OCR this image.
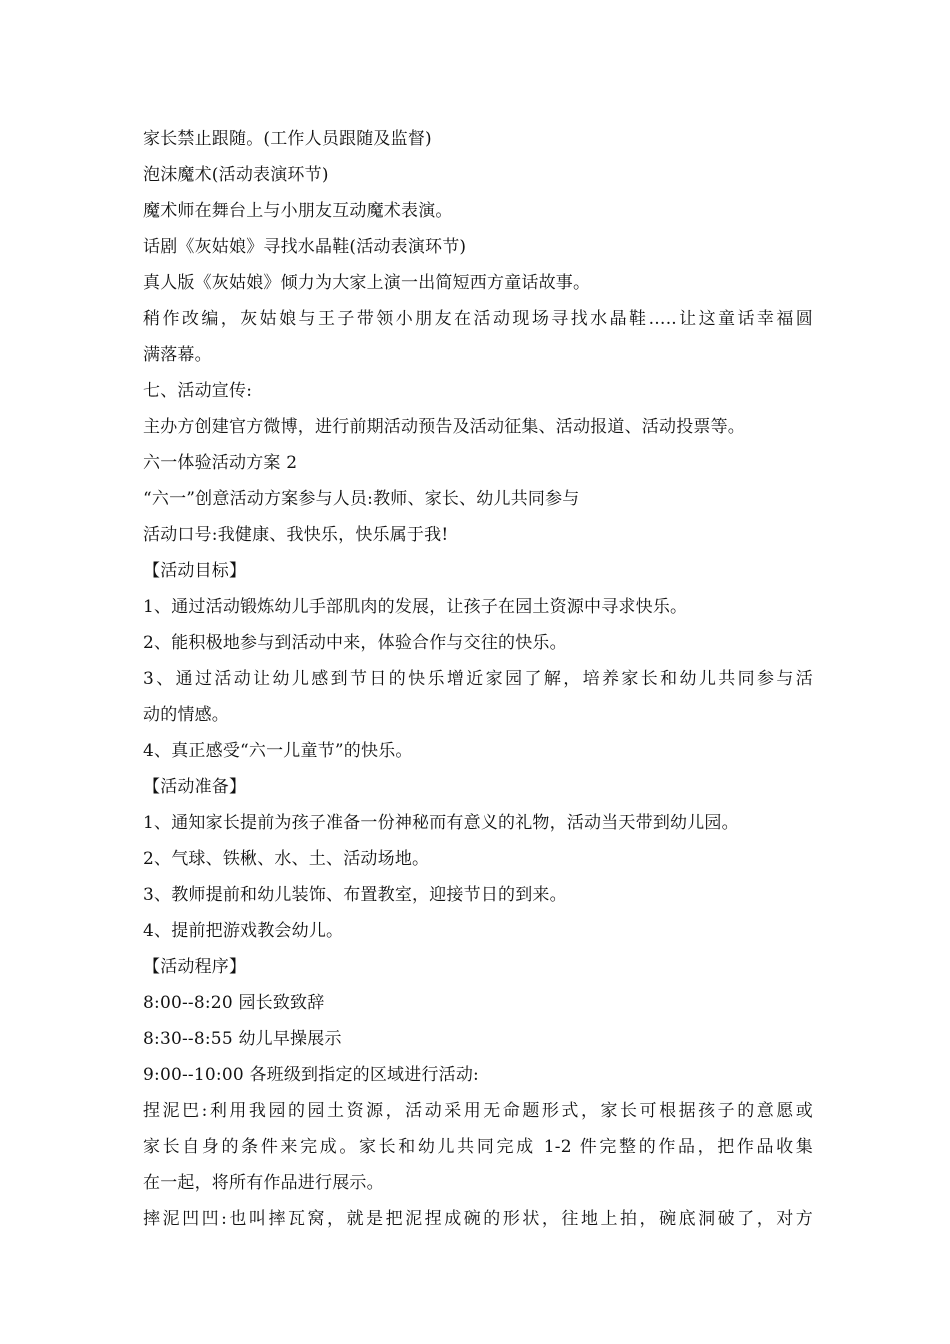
家长禁止跟随。(工作人员跟随及监督)
泡沫魔术(活动表演环节)
魔术师在舞台上与小朋友互动魔术表演。
话剧《灰姑娘》寻找水晶鞋(活动表演环节)
真人版《灰姑娘》倾力为大家上演一出简短西方童话故事。
稍作改编，灰姑娘与王子带领小朋友在活动现场寻找水晶鞋…..让这童话幸福圆
满落幕。
七、活动宣传:
主办方创建官方微博，进行前期活动预告及活动征集、活动报道、活动投票等。
六一体验活动方案 2
“六一”创意活动方案参与人员:教师、家长、幼儿共同参与
活动口号:我健康、我快乐，快乐属于我!
【活动目标】
1、通过活动锻炼幼儿手部肌肉的发展，让孩子在园土资源中寻求快乐。
2、能积极地参与到活动中来，体验合作与交往的快乐。
3、通过活动让幼儿感到节日的快乐增近家园了解，培养家长和幼儿共同参与活
动的情感。
4、真正感受“六一儿童节”的快乐。
【活动准备】
1、通知家长提前为孩子准备一份神秘而有意义的礼物，活动当天带到幼儿园。
2、气球、铁楸、水、土、活动场地。
3、教师提前和幼儿装饰、布置教室，迎接节日的到来。
4、提前把游戏教会幼儿。
【活动程序】
8:00--8:20 园长致致辞
8:30--8:55 幼儿早操展示
9:00--10:00 各班级到指定的区域进行活动:
捏泥巴:利用我园的园土资源，活动采用无命题形式，家长可根据孩子的意愿或
家长自身的条件来完成。家长和幼儿共同完成 1-2 件完整的作品，把作品收集
在一起，将所有作品进行展示。
摔泥凹凹:也叫摔瓦窝，就是把泥捏成碗的形状，往地上拍，碗底洞破了，对方
